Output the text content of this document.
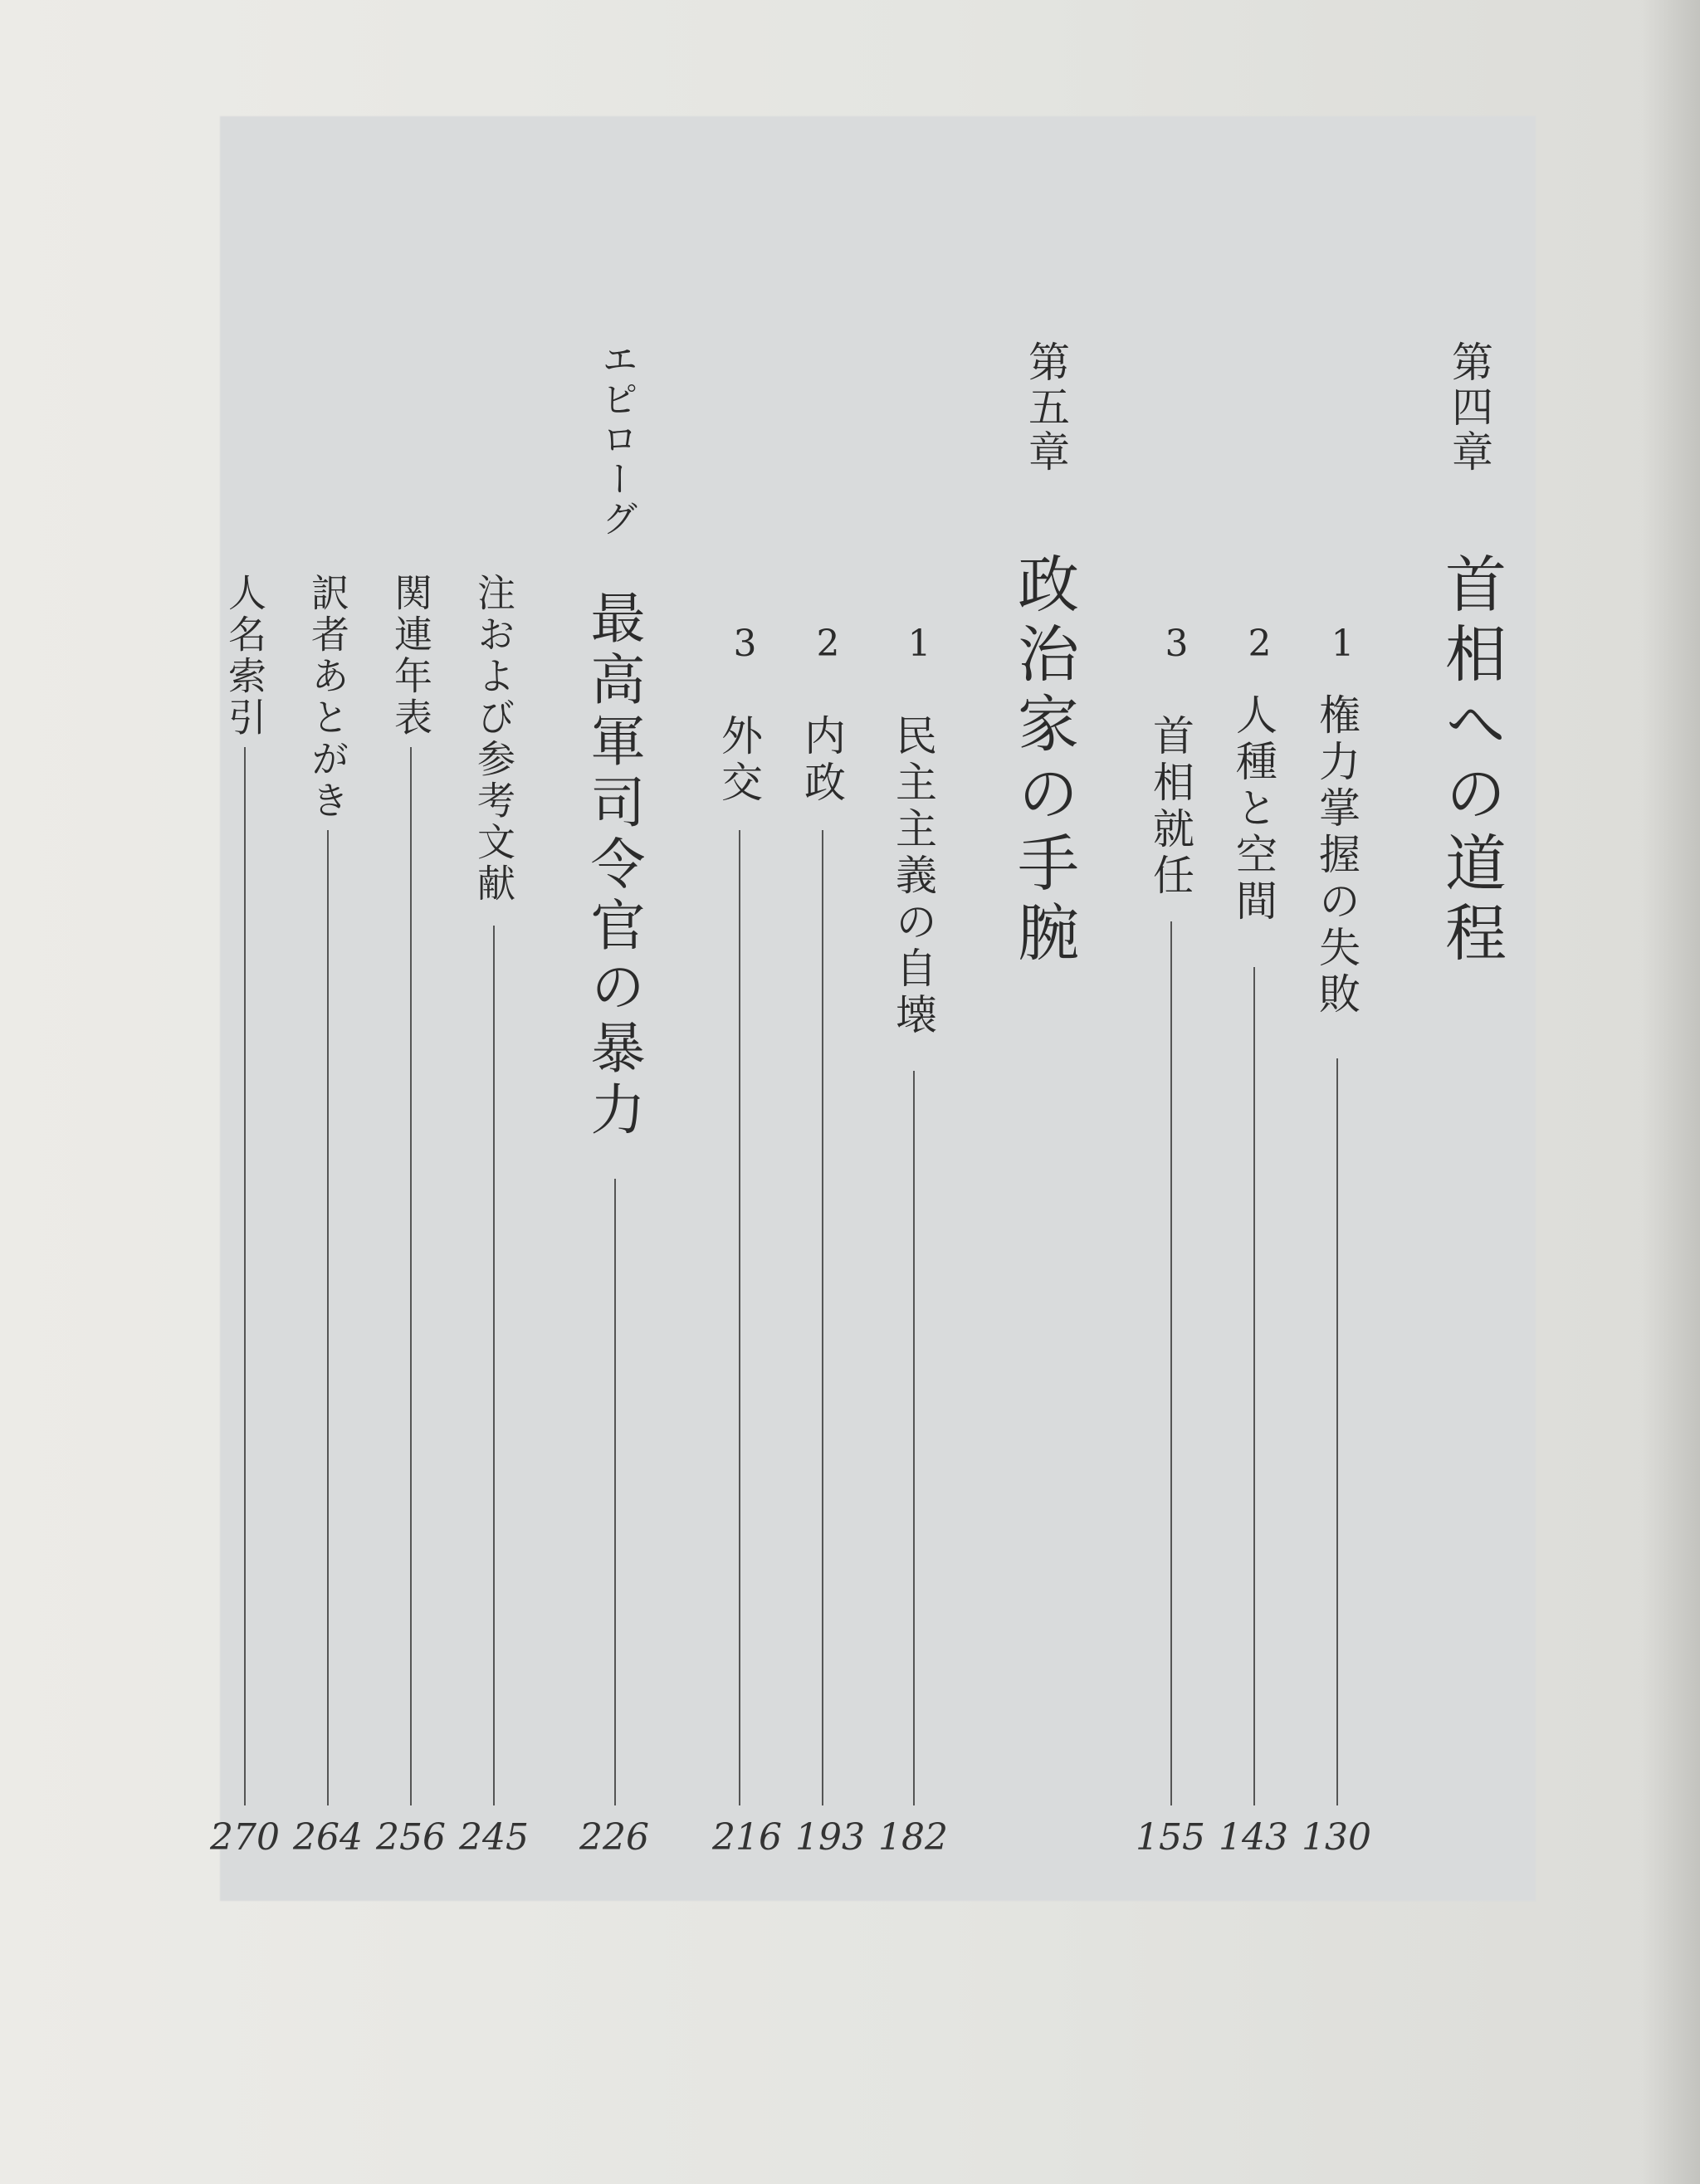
第四章
首相への道程
1
権力掌握の失敗
130
2
人種と空間
143
3
首相就任
155
第五章
政治家の手腕
1
民主主義の自壊
182
2
内政
193
3
外交
216
エピローグ
最高軍司令官の暴力
226
注および参考文献
245
関連年表
256
訳者あとがき
264
人名索引
270
